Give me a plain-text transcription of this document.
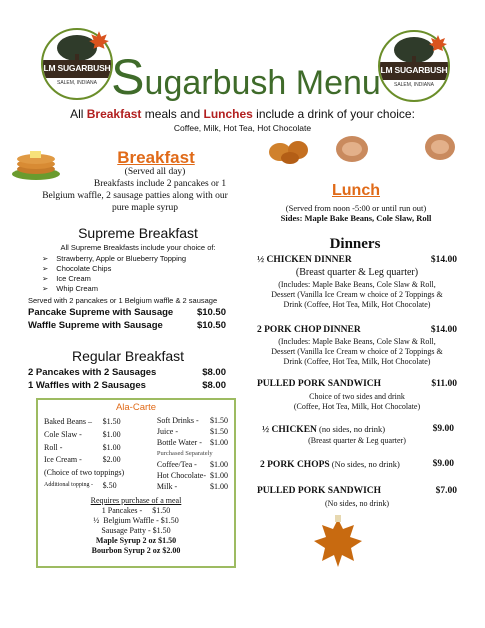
LM SUGARBUSH
SALEM, INDIANA
LM SUGARBUSH
SALEM, INDIANA
Sugarbush Menu
All Breakfast meals and Lunches include a drink of your choice:
Coffee, Milk, Hot Tea, Hot Chocolate
Breakfast
(Served all day)
Breakfasts include 2 pancakes or 1
Belgium waffle, 2 sausage patties along with our
pure maple syrup
Supreme Breakfast
All Supreme Breakfasts include your choice of:
➢ Strawberry, Apple or Blueberry Topping
➢ Chocolate Chips
➢ Ice Cream
➢ Whip Cream
Served with 2 pancakes or 1 Belgium waffle & 2 sausage
Pancake Supreme with Sausage $10.50
Waffle Supreme with Sausage	$10.50
Regular Breakfast
2 Pancakes with 2 Sausages	$8.00
1 Waffles with 2 Sausages	$8.00
Ala-Carte
Baked Beans –	$1.50
Cole Slaw -	$1.00
Roll -	$1.00
Ice Cream -	$2.00
(Choice of two toppings)	
Additional topping -	$.50
Soft Drinks -	$1.50
Juice -	$1.50
Bottle Water -	$1.00
Purchased Separately	
Coffee/Tea -	$1.00
Hot Chocolate-	$1.00
Milk -	$1.00
Requires purchase of a meal
1 Pancakes -     $1.50
½  Belgium Waffle - $1.50
Sausage Patty - $1.50
Maple Syrup 2 oz $1.50
Bourbon Syrup 2 oz $2.00
Lunch
(Served from noon -5:00 or until run out)
Sides: Maple Bake Beans, Cole Slaw, Roll
Dinners
½ CHICKEN DINNER	$14.00
(Breast quarter & Leg quarter)
(Includes: Maple Bake Beans, Cole Slaw & Roll,
Dessert (Vanilla Ice Cream w choice of 2 Toppings &
Drink (Coffee, Hot Tea, Milk, Hot Chocolate)
2 PORK CHOP DINNER	$14.00
(Includes: Maple Bake Beans, Cole Slaw & Roll,
Dessert (Vanilla Ice Cream w choice of 2 Toppings &
Drink (Coffee, Hot Tea, Milk, Hot Chocolate)
PULLED PORK SANDWICH	$11.00
Choice of two sides and drink
(Coffee, Hot Tea, Milk, Hot Chocolate)
½ CHICKEN (no sides, no drink)	$9.00
(Breast quarter & Leg quarter)
2 PORK CHOPS (No sides, no drink)	$9.00
PULLED PORK SANDWICH	$7.00
(No sides, no drink)
